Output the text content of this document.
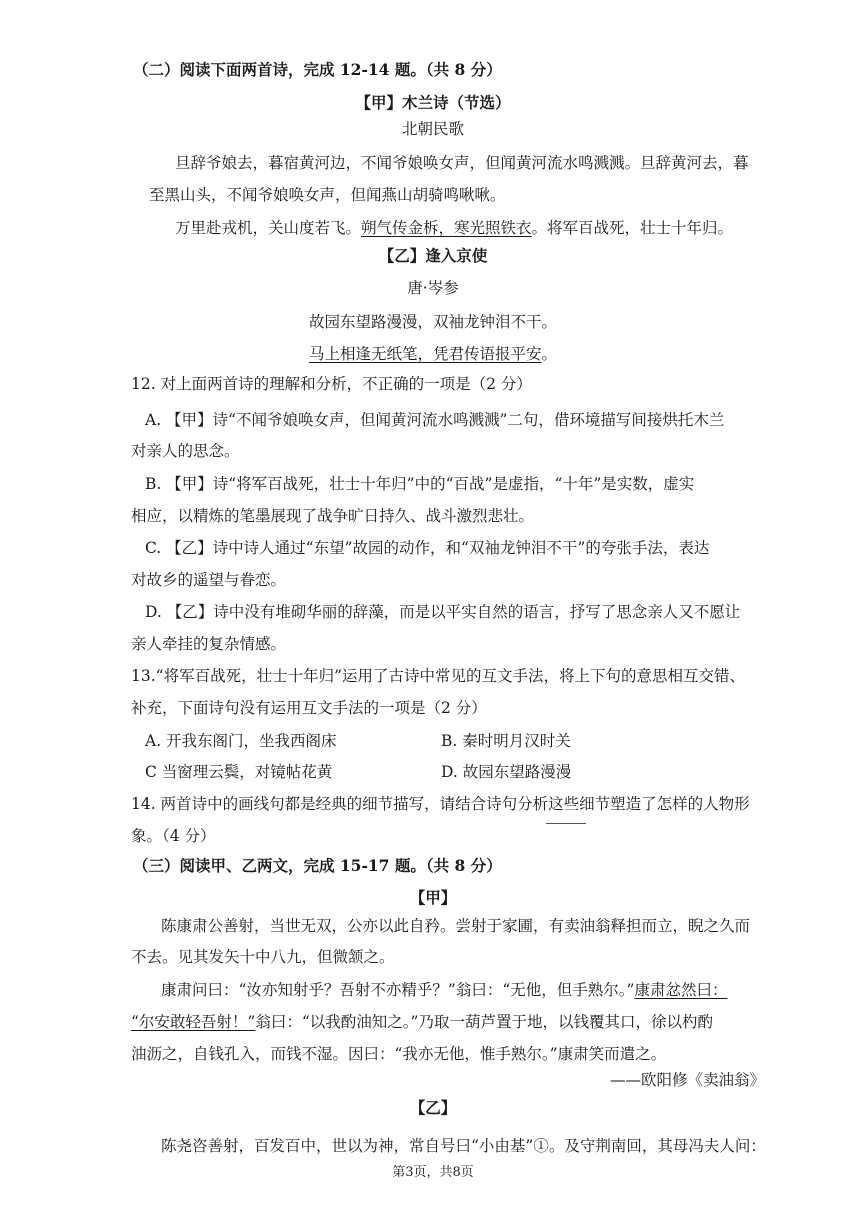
（二）阅读下面两首诗，完成 12-14 题。（共 8 分）
【甲】木兰诗（节选）
北朝民歌
旦辞爷娘去，暮宿黄河边，不闻爷娘唤女声，但闻黄河流水鸣溅溅。旦辞黄河去，暮
至黑山头，不闻爷娘唤女声，但闻燕山胡骑鸣啾啾。
万里赴戎机，关山度若飞。朔气传金柝，寒光照铁衣。将军百战死，壮士十年归。
【乙】逢入京使
唐·岑参
故园东望路漫漫，双袖龙钟泪不干。
马上相逢无纸笔，凭君传语报平安。
12. 对上面两首诗的理解和分析，不正确的一项是（2 分）
A. 【甲】诗“不闻爷娘唤女声，但闻黄河流水鸣溅溅”二句，借环境描写间接烘托木兰
对亲人的思念。
B. 【甲】诗“将军百战死，壮士十年归”中的“百战”是虚指，“十年”是实数，虚实
相应，以精炼的笔墨展现了战争旷日持久、战斗激烈悲壮。
C. 【乙】诗中诗人通过“东望”故园的动作，和“双袖龙钟泪不干”的夸张手法，表达
对故乡的遥望与眷恋。
D. 【乙】诗中没有堆砌华丽的辞藻，而是以平实自然的语言，抒写了思念亲人又不愿让
亲人牵挂的复杂情感。
13.“将军百战死，壮士十年归”运用了古诗中常见的互文手法，将上下句的意思相互交错、
补充，下面诗句没有运用互文手法的一项是（2 分）
A. 开我东阁门，坐我西阁床	B. 秦时明月汉时关
C 当窗理云鬓，对镜帖花黄	D. 故园东望路漫漫
14. 两首诗中的画线句都是经典的细节描写，请结合诗句分析这些细节塑造了怎样的人物形
象。（4 分）
（三）阅读甲、乙两文，完成 15-17 题。（共 8 分）
【甲】
陈康肃公善射，当世无双，公亦以此自矜。尝射于家圃，有卖油翁释担而立，睨之久而
不去。见其发矢十中八九，但微颔之。
康肃问曰：“汝亦知射乎？吾射不亦精乎？”翁曰：“无他，但手熟尔。”康肃忿然曰：
“尔安敢轻吾射！”翁曰：“以我酌油知之。”乃取一葫芦置于地，以钱覆其口，徐以杓酌
油沥之，自钱孔入，而钱不湿。因曰：“我亦无他，惟手熟尔。”康肃笑而遣之。
——欧阳修《卖油翁》
【乙】
陈尧咨善射，百发百中，世以为神，常自号曰“小由基”①。及守荆南回，其母冯夫人问：
第3页，共8页
